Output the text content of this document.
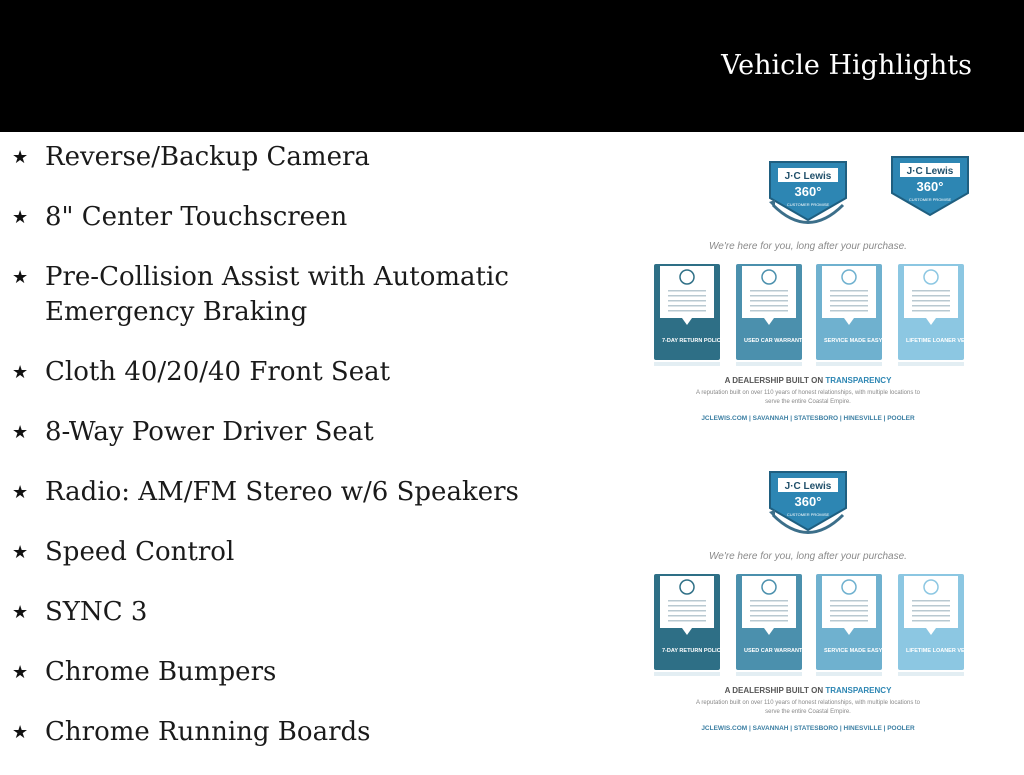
Vehicle Highlights
★ Reverse/Backup Camera
★ 8" Center Touchscreen
★ Pre-Collision Assist with Automatic
Emergency Braking
★ Cloth 40/20/40 Front Seat
★ 8-Way Power Driver Seat
★ Radio: AM/FM Stereo w/6 Speakers
★ Speed Control
★ SYNC 3
★ Chrome Bumpers
★ Chrome Running Boards
J·C Lewis
360°
CUSTOMER PROMISE
J·C Lewis
360°
CUSTOMER PROMISE
We're here for you, long after your purchase.
7-DAY RETURN POLICY	USED CAR WARRANTY	SERVICE MADE EASY	LIFETIME LOANER VEHICLE
A DEALERSHIP BUILT ON TRANSPARENCY
A reputation built on over 110 years of honest relationships, with multiple locations to
serve the entire Coastal Empire.
JCLEWIS.COM | SAVANNAH | STATESBORO | HINESVILLE | POOLER
J·C Lewis
360°
CUSTOMER PROMISE
We're here for you, long after your purchase.
7-DAY RETURN POLICY	USED CAR WARRANTY	SERVICE MADE EASY	LIFETIME LOANER VEHICLE
A DEALERSHIP BUILT ON TRANSPARENCY
A reputation built on over 110 years of honest relationships, with multiple locations to
serve the entire Coastal Empire.
JCLEWIS.COM | SAVANNAH | STATESBORO | HINESVILLE | POOLER
